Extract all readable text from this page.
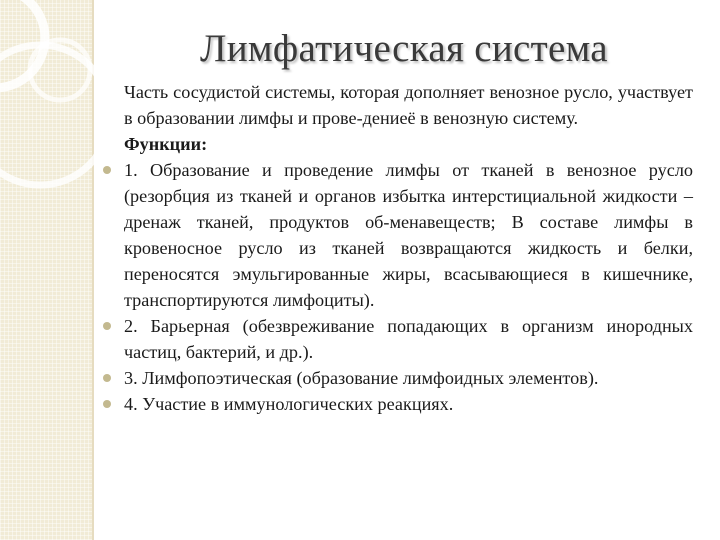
Лимфатическая система
Часть сосудистой системы, которая дополняет венозное русло, участвует в образовании лимфы и прове-дениеё в венозную систему.
Функции:
1. Образование и проведение лимфы от тканей в венозное русло (резорбция из тканей и органов избытка интерстициальной жидкости – дренаж тканей, продуктов об-менавеществ; В составе лимфы в кровеносное русло из тканей возвращаются жидкость и белки, переносятся эмульгированные жиры, всасывающиеся в кишечнике, транспортируются лимфоциты).
2. Барьерная (обезвреживание попадающих в организм инородных частиц, бактерий, и др.).
3. Лимфопоэтическая (образование лимфоидных элементов).
4. Участие в иммунологических реакциях.
